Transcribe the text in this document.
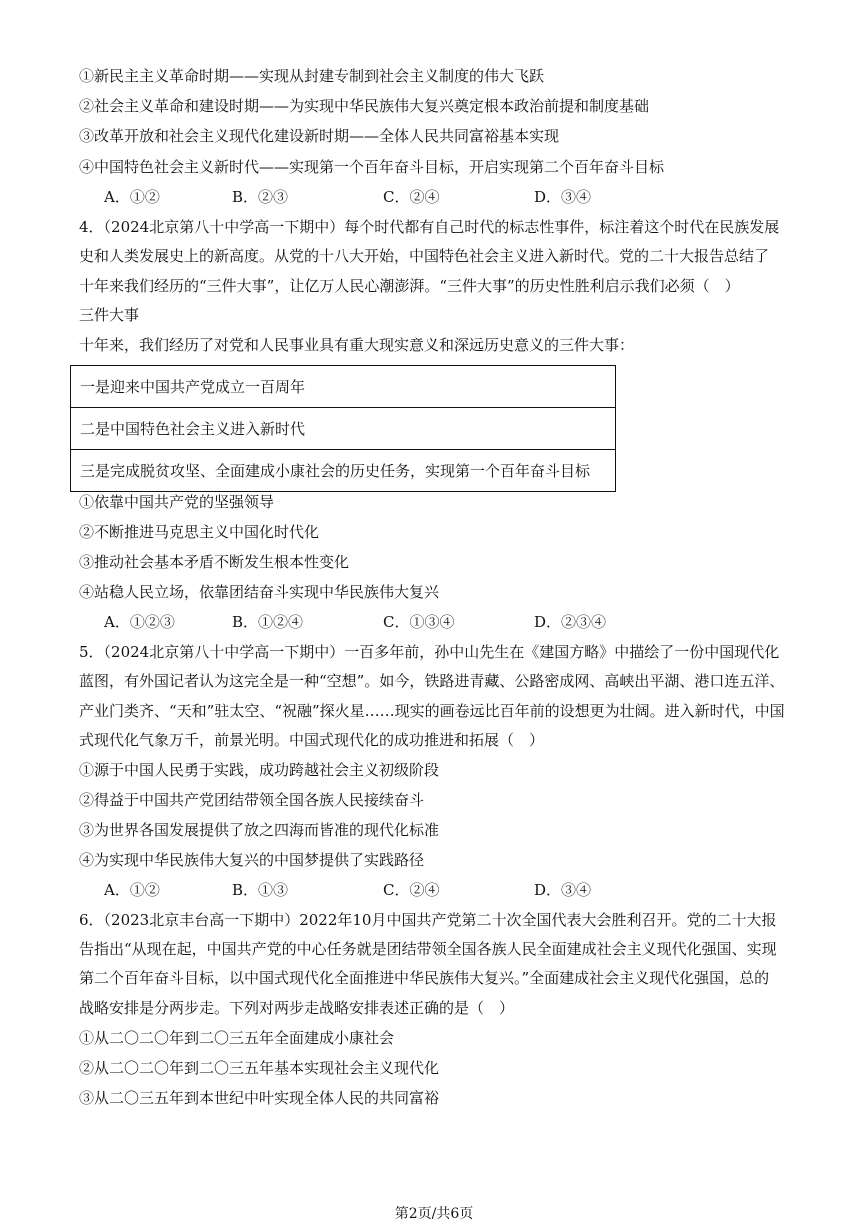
①新民主主义革命时期——实现从封建专制到社会主义制度的伟大飞跃
②社会主义革命和建设时期——为实现中华民族伟大复兴奠定根本政治前提和制度基础
③改革开放和社会主义现代化建设新时期——全体人民共同富裕基本实现
④中国特色社会主义新时代——实现第一个百年奋斗目标，开启实现第二个百年奋斗目标
A．①②	B．②③	C．②④	D．③④
4．（2024北京第八十中学高一下期中）每个时代都有自己时代的标志性事件，标注着这个时代在民族发展
史和人类发展史上的新高度。从党的十八大开始，中国特色社会主义进入新时代。党的二十大报告总结了
十年来我们经历的“三件大事”，让亿万人民心潮澎湃。“三件大事”的历史性胜利启示我们必须（　）
三件大事
十年来，我们经历了对党和人民事业具有重大现实意义和深远历史意义的三件大事：
一是迎来中国共产党成立一百周年
二是中国特色社会主义进入新时代
三是完成脱贫攻坚、全面建成小康社会的历史任务，实现第一个百年奋斗目标
①依靠中国共产党的坚强领导
②不断推进马克思主义中国化时代化
③推动社会基本矛盾不断发生根本性变化
④站稳人民立场，依靠团结奋斗实现中华民族伟大复兴
A．①②③	B．①②④	C．①③④	D．②③④
5．（2024北京第八十中学高一下期中）一百多年前，孙中山先生在《建国方略》中描绘了一份中国现代化
蓝图，有外国记者认为这完全是一种“空想”。如今，铁路进青藏、公路密成网、高峡出平湖、港口连五洋、
产业门类齐、“天和”驻太空、“祝融”探火星……现实的画卷远比百年前的设想更为壮阔。进入新时代，中国
式现代化气象万千，前景光明。中国式现代化的成功推进和拓展（　）
①源于中国人民勇于实践，成功跨越社会主义初级阶段
②得益于中国共产党团结带领全国各族人民接续奋斗
③为世界各国发展提供了放之四海而皆准的现代化标准
④为实现中华民族伟大复兴的中国梦提供了实践路径
A．①②	B．①③	C．②④	D．③④
6．（2023北京丰台高一下期中）2022年10月中国共产党第二十次全国代表大会胜利召开。党的二十大报
告指出“从现在起，中国共产党的中心任务就是团结带领全国各族人民全面建成社会主义现代化强国、实现
第二个百年奋斗目标，以中国式现代化全面推进中华民族伟大复兴。”全面建成社会主义现代化强国，总的
战略安排是分两步走。下列对两步走战略安排表述正确的是（　）
①从二〇二〇年到二〇三五年全面建成小康社会
②从二〇二〇年到二〇三五年基本实现社会主义现代化
③从二〇三五年到本世纪中叶实现全体人民的共同富裕
第2页/共6页
